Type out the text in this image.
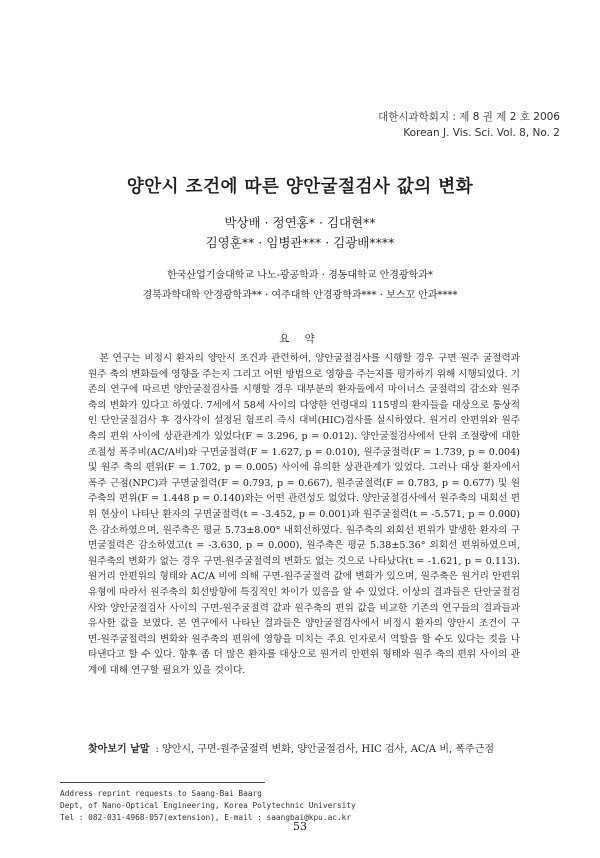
대한시과학회지 : 제 8 권 제 2 호 2006
Korean J. Vis. Sci. Vol. 8, No. 2
양안시 조건에 따른 양안굴절검사 값의 변화
박상배 · 정연홍* · 김대현**
김영훈** · 임병관*** · 김광배****
한국산업기술대학교 나노-광공학과 · 경동대학교 안경광학과*
경북과학대학 안경광학과** · 여주대학 안경광학과*** · 보스꼬 안과****
요 약

본 연구는 비정시 환자의 양안시 조건과 관련하여, 양안굴절검사를 시행할 경우 구면 원주 굴절력과 원주 축의 변화들에 영향을 주는지 그리고 어떤 방법으로 영향을 주는지를 평가하기 위해 시행되었다. 기존의 연구에 따르면 양안굴절검사를 시행할 경우 대부분의 환자들에서 마이너스 굴절력의 감소와 원주 축의 변화가 있다고 하였다. 7세에서 58세 사이의 다양한 연령대의 115명의 환자들을 대상으로 통상적인 단안굴절검사 후 경사각이 설정된 험프리 즉시 대비(HIC)검사를 실시하였다. 원거리 안편위와 원주축의 편위 사이에 상관관계가 있었다(F = 3.296, p = 0.012). 양안굴절검사에서 단위 조절량에 대한 조절성 폭주비(AC/A비)와 구면굴절력(F = 1.627, p = 0.010), 원주굴절력(F = 1.739, p = 0.004) 및 원주 축의 편위(F = 1.702, p = 0.005) 사이에 유의한 상관관계가 있었다. 그러나 대상 환자에서 폭주 근점(NPC)과 구면굴절력(F = 0.793, p = 0.667), 원주굴절력(F = 0.783, p = 0.677) 및 원주축의 편위(F = 1.448 p = 0.140)와는 어떤 관련성도 없었다. 양안굴절검사에서 원주축의 내회선 편위 현상이 나타난 환자의 구면굴절력(t = -3.452, p = 0.001)과 원주굴절력(t = -5.571, p = 0.000)은 감소하였으며, 원주축은 평균 5.73±8.00° 내회선하였다. 원주축의 외회선 편위가 발생한 환자의 구면굴절력은 감소하였고(t = -3.630, p = 0.000), 원주축은 평균 5.38±5.36° 외회선 편위하였으며, 원주축의 변화가 없는 경우 구면-원주굴절력의 변화도 없는 것으로 나타났다(t = -1.621, p = 0.113). 원거리 안편위의 형태와 AC/A 비에 의해 구면-원주굴절력 값에 변화가 있으며, 원주축은 원거리 안편위 유형에 따라서 원주축의 회선방향에 특징적인 차이가 있음을 알 수 있었다. 이상의 결과들은 단안굴절검사와 양안굴절검사 사이의 구면-원주굴절력 값과 원주축의 편위 값을 비교한 기존의 연구들의 결과들과 유사한 값을 보였다. 본 연구에서 나타난 결과들은 양안굴절검사에서 비정시 환자의 양안시 조건이 구면-원주굴절력의 변화와 원주축의 편위에 영향을 미치는 주요 인자로서 역할을 할 수도 있다는 것을 나타낸다고 할 수 있다. 향후 좀 더 많은 환자를 대상으로 원거리 안편위 형태와 원주 축의 편위 사이의 관계에 대해 연구할 필요가 있을 것이다.

찾아보기 낱말 : 양안시, 구면-원주굴절력 변화, 양안굴절검사, HIC 검사, AC/A 비, 폭주근점
Address reprint requests to Saang-Bai Baarg
Dept, of Nano-Optical Engineering, Korea Polytechnic University
Tel : 082-031-4968-057(extension), E-mail : saangbai@kpu.ac.kr
53
